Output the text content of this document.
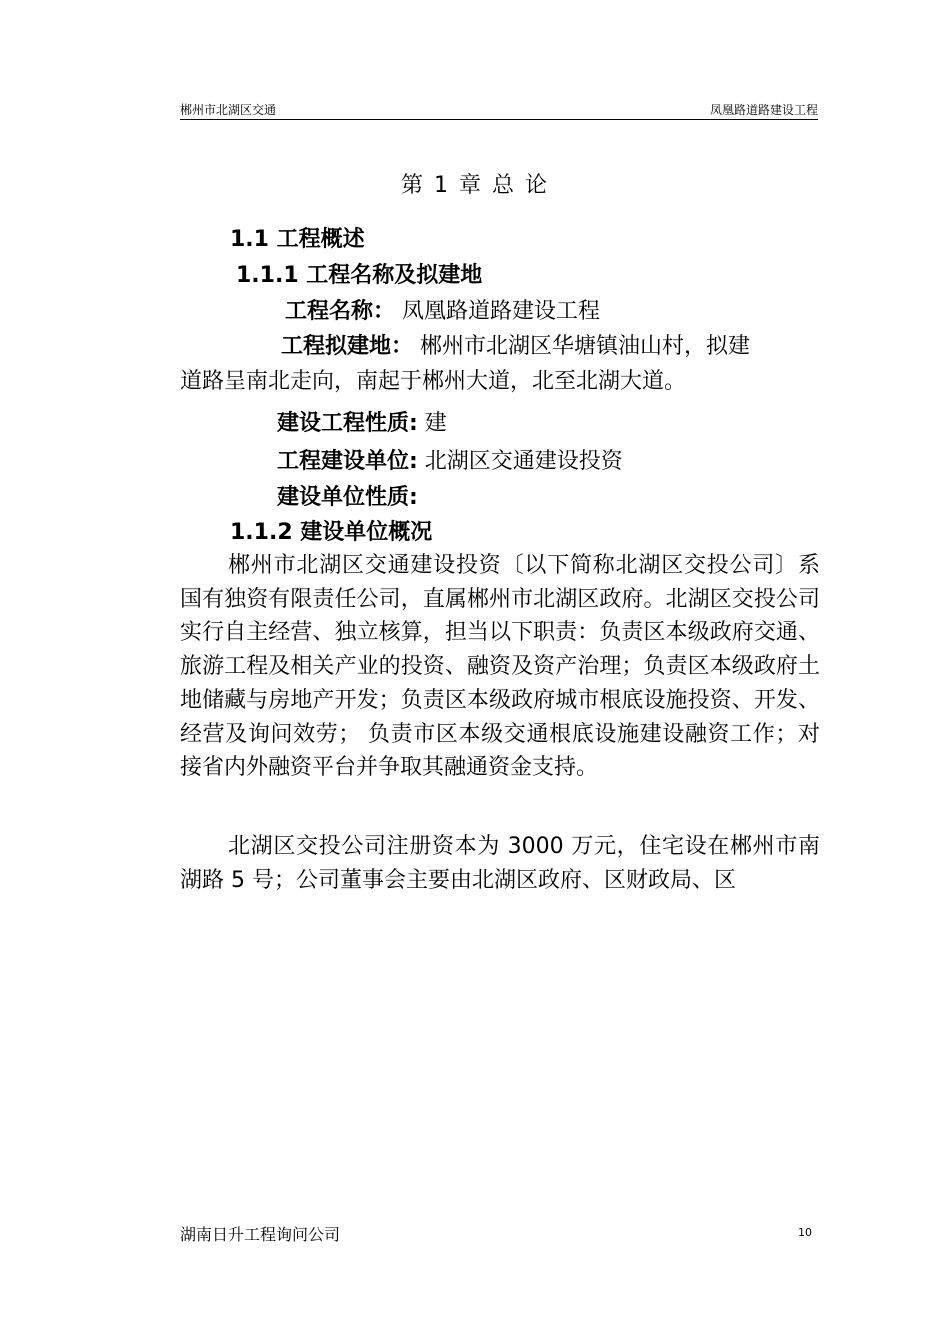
郴州市北湖区交通	凤凰路道路建设工程
第 1 章 总 论
1.1 工程概述
1.1.1 工程名称及拟建地
工程名称： 凤凰路道路建设工程
工程拟建地： 郴州市北湖区华塘镇油山村，拟建
道路呈南北走向，南起于郴州大道，北至北湖大道。
建设工程性质: 建
工程建设单位: 北湖区交通建设投资
建设单位性质:
1.1.2 建设单位概况
郴州市北湖区交通建设投资〔以下简称北湖区交投公司〕系国有独资有限责任公司，直属郴州市北湖区政府。北湖区交投公司实行自主经营、独立核算，担当以下职责：负责区本级政府交通、旅游工程及相关产业的投资、融资及资产治理；负责区本级政府土地储藏与房地产开发；负责区本级政府城市根底设施投资、开发、经营及询问效劳； 负责市区本级交通根底设施建设融资工作；对接省内外融资平台并争取其融通资金支持。
北湖区交投公司注册资本为 3000 万元，住宅设在郴州市南湖路 5 号；公司董事会主要由北湖区政府、区财政局、区
湖南日升工程询问公司	10
